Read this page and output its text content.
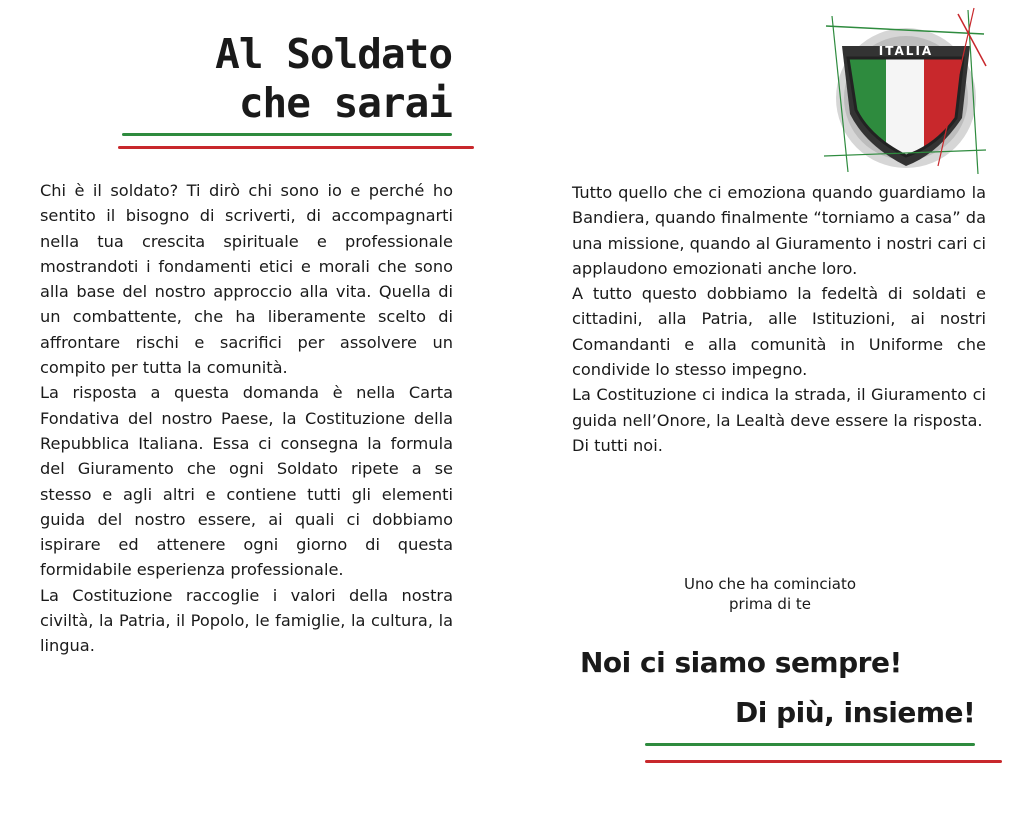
Al Soldato
che sarai
ITALIA

Chi è il soldato? Ti dirò chi sono io e perché ho sentito il bisogno di scriverti, di accompagnarti nella tua crescita spirituale e professionale mostrandoti i fondamenti etici e morali che sono alla base del nostro approccio alla vita. Quella di un combattente, che ha liberamente scelto di affrontare rischi e sacrifici per assolvere un compito per tutta la comunità.

La risposta a questa domanda è nella Carta Fondativa del nostro Paese, la Costituzione della Repubblica Italiana. Essa ci consegna la formula del Giuramento che ogni Soldato ripete a se stesso e agli altri e contiene tutti gli elementi guida del nostro essere, ai quali ci dobbiamo ispirare ed attenere ogni giorno di questa formidabile esperienza professionale.

La Costituzione raccoglie i valori della nostra civiltà, la Patria, il Popolo, le famiglie, la cultura, la lingua.

Tutto quello che ci emoziona quando guardiamo la Bandiera, quando finalmente “torniamo a casa” da una missione, quando al Giuramento i nostri cari ci applaudono emozionati anche loro.

A tutto questo dobbiamo la fedeltà di soldati e cittadini, alla Patria, alle Istituzioni, ai nostri Comandanti e alla comunità in Uniforme che condivide lo stesso impegno.

La Costituzione ci indica la strada, il Giuramento ci guida nell’Onore, la Lealtà deve essere la risposta.

Di tutti noi.

Uno che ha cominciato
prima di te
Noi ci siamo sempre!
Di più, insieme!
